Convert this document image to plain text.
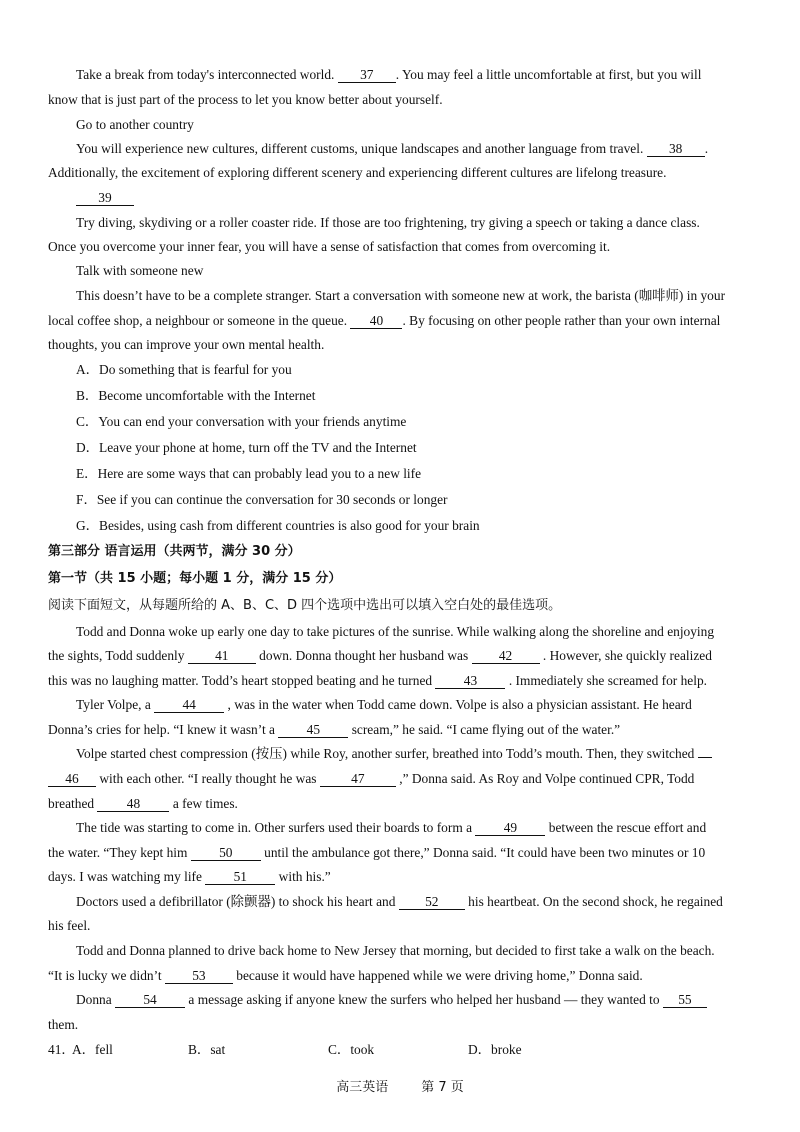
Take a break from today's interconnected world. 37 . You may feel a little uncomfortable at first, but you will
know that is just part of the process to let you know better about yourself.
Go to another country
You will experience new cultures, different customs, unique landscapes and another language from travel. 38 .
Additionally, the excitement of exploring different scenery and experiencing different cultures are lifelong treasure.
39
Try diving, skydiving or a roller coaster ride. If those are too frightening, try giving a speech or taking a dance class.
Once you overcome your inner fear, you will have a sense of satisfaction that comes from overcoming it.
Talk with someone new
This doesn’t have to be a complete stranger. Start a conversation with someone new at work, the barista (咖啡师) in your
local coffee shop, a neighbour or someone in the queue. 40 . By focusing on other people rather than your own internal
thoughts, you can improve your own mental health.
A．Do something that is fearful for you
B．Become uncomfortable with the Internet
C．You can end your conversation with your friends anytime
D．Leave your phone at home, turn off the TV and the Internet
E．Here are some ways that can probably lead you to a new life
F．See if you can continue the conversation for 30 seconds or longer
G．Besides, using cash from different countries is also good for your brain
第三部分 语言运用（共两节，满分 30 分）
第一节（共 15 小题；每小题 1 分，满分 15 分）
阅读下面短文，从每题所给的 A、B、C、D 四个选项中选出可以填入空白处的最佳选项。
Todd and Donna woke up early one day to take pictures of the sunrise. While walking along the shoreline and enjoying
the sights, Todd suddenly 41 down. Donna thought her husband was 42 . However, she quickly realized
this was no laughing matter. Todd’s heart stopped beating and he turned 43 . Immediately she screamed for help.
Tyler Volpe, a 44 , was in the water when Todd came down. Volpe is also a physician assistant. He heard
Donna’s cries for help. “I knew it wasn’t a 45 scream,” he said. “I came flying out of the water.”
Volpe started chest compression (按压) while Roy, another surfer, breathed into Todd’s mouth. Then, they switched
46 with each other. “I really thought he was	47	,” Donna said. As Roy and Volpe continued CPR, Todd
breathed 48 a few times.
The tide was starting to come in. Other surfers used their boards to form a 49 between the rescue effort and
the water. “They kept him 50 until the ambulance got there,” Donna said. “It could have been two minutes or 10
days. I was watching my life 51 with his.”
Doctors used a defibrillator (除颤器) to shock his heart and 52 his heartbeat. On the second shock, he regained
his feel.
Todd and Donna planned to drive back home to New Jersey that morning, but decided to first take a walk on the beach.
“It is lucky we didn’t 53 because it would have happened while we were driving home,” Donna said.
Donna 54 a message asking if anyone knew the surfers who helped her husband — they wanted to 55
them.
41．
A．fell	B．sat	C．took	D．broke
高三英语	第 7 页
